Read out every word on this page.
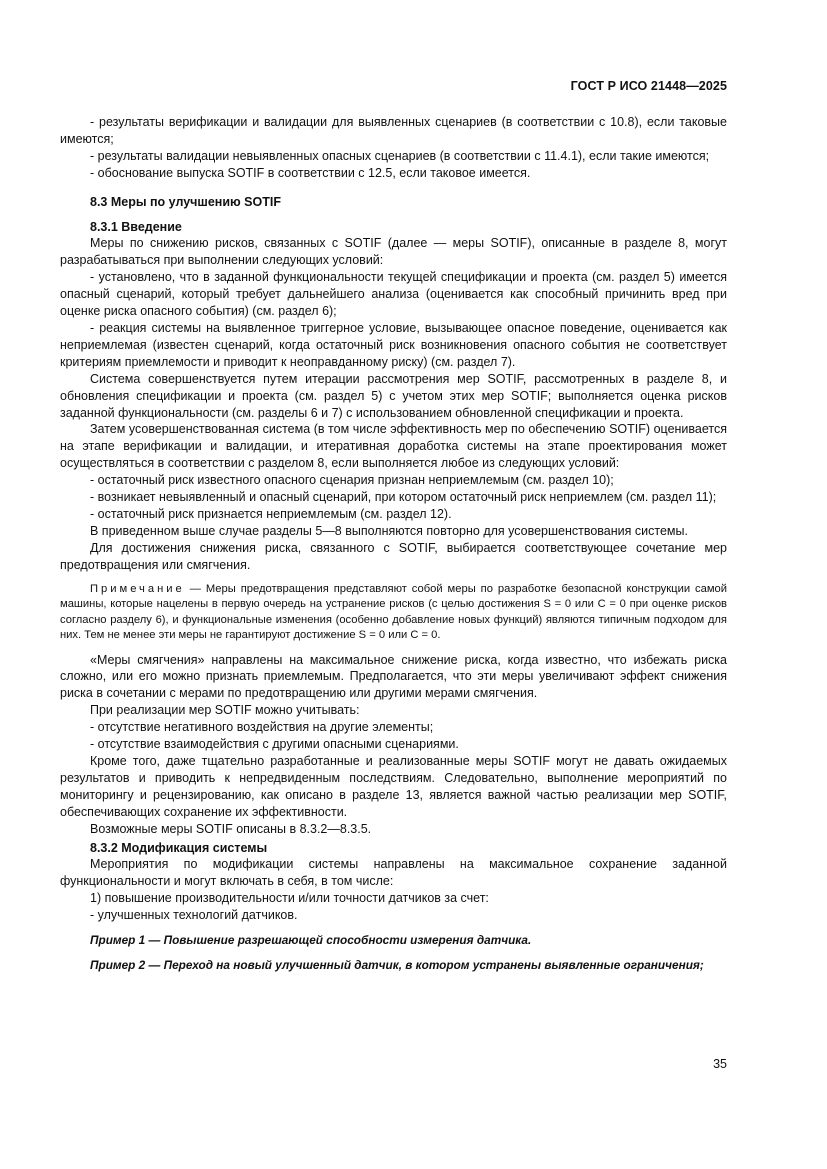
ГОСТ Р ИСО 21448—2025

- результаты верификации и валидации для выявленных сценариев (в соответствии с 10.8), если таковые имеются;

- результаты валидации невыявленных опасных сценариев (в соответствии с 11.4.1), если такие имеются;

- обоснование выпуска SOTIF в соответствии с 12.5, если таковое имеется.

8.3 Меры по улучшению SOTIF
8.3.1 Введение

Меры по снижению рисков, связанных с SOTIF (далее — меры SOTIF), описанные в разделе 8, могут разрабатываться при выполнении следующих условий:

- установлено, что в заданной функциональности текущей спецификации и проекта (см. раздел 5) имеется опасный сценарий, который требует дальнейшего анализа (оценивается как способный причинить вред при оценке риска опасного события) (см. раздел 6);

- реакция системы на выявленное триггерное условие, вызывающее опасное поведение, оценивается как неприемлемая (известен сценарий, когда остаточный риск возникновения опасного события не соответствует критериям приемлемости и приводит к неоправданному риску) (см. раздел 7).

Система совершенствуется путем итерации рассмотрения мер SOTIF, рассмотренных в разделе 8, и обновления спецификации и проекта (см. раздел 5) с учетом этих мер SOTIF; выполняется оценка рисков заданной функциональности (см. разделы 6 и 7) с использованием обновленной спецификации и проекта.

Затем усовершенствованная система (в том числе эффективность мер по обеспечению SOTIF) оценивается на этапе верификации и валидации, и итеративная доработка системы на этапе проектирования может осуществляться в соответствии с разделом 8, если выполняется любое из следующих условий:

- остаточный риск известного опасного сценария признан неприемлемым (см. раздел 10);

- возникает невыявленный и опасный сценарий, при котором остаточный риск неприемлем (см. раздел 11);

- остаточный риск признается неприемлемым (см. раздел 12).

В приведенном выше случае разделы 5—8 выполняются повторно для усовершенствования системы.

Для достижения снижения риска, связанного с SOTIF, выбирается соответствующее сочетание мер предотвращения или смягчения.

Примечание — Меры предотвращения представляют собой меры по разработке безопасной конструкции самой машины, которые нацелены в первую очередь на устранение рисков (с целью достижения S = 0 или C = 0 при оценке рисков согласно разделу 6), и функциональные изменения (особенно добавление новых функций) являются типичным подходом для них. Тем не менее эти меры не гарантируют достижение S = 0 или C = 0.

«Меры смягчения» направлены на максимальное снижение риска, когда известно, что избежать риска сложно, или его можно признать приемлемым. Предполагается, что эти меры увеличивают эффект снижения риска в сочетании с мерами по предотвращению или другими мерами смягчения.

При реализации мер SOTIF можно учитывать:

- отсутствие негативного воздействия на другие элементы;

- отсутствие взаимодействия с другими опасными сценариями.

Кроме того, даже тщательно разработанные и реализованные меры SOTIF могут не давать ожидаемых результатов и приводить к непредвиденным последствиям. Следовательно, выполнение мероприятий по мониторингу и рецензированию, как описано в разделе 13, является важной частью реализации мер SOTIF, обеспечивающих сохранение их эффективности.

Возможные меры SOTIF описаны в 8.3.2—8.3.5.

8.3.2 Модификация системы

Мероприятия по модификации системы направлены на максимальное сохранение заданной функциональности и могут включать в себя, в том числе:

1) повышение производительности и/или точности датчиков за счет:

- улучшенных технологий датчиков.

Пример 1 — Повышение разрешающей способности измерения датчика.

Пример 2 — Переход на новый улучшенный датчик, в котором устранены выявленные ограничения;

35
